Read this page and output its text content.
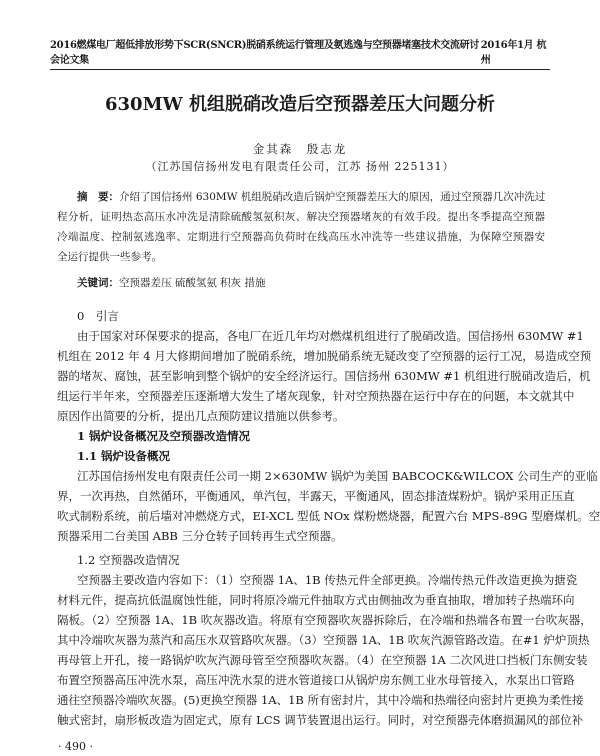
2016燃煤电厂超低排放形势下SCR(SNCR)脱硝系统运行管理及氨逃逸与空预器堵塞技术交流研讨会论文集
2016年1月 杭州
630MW 机组脱硝改造后空预器差压大问题分析
金其森　殷志龙
（江苏国信扬州发电有限责任公司，江苏 扬州 225131）
摘　要：介绍了国信扬州 630MW 机组脱硝改造后锅炉空预器差压大的原因，通过空预器几次冲洗过
程分析，证明热态高压水冲洗是清除硫酸氢氨积灰、解决空预器堵灰的有效手段。提出冬季提高空预器
冷端温度、控制氨逃逸率、定期进行空预器高负荷时在线高压水冲洗等一些建议措施，为保障空预器安
全运行提供一些参考。
关键词：空预器差压 硫酸氢氨 积灰 措施
0　引言
由于国家对环保要求的提高，各电厂在近几年均对燃煤机组进行了脱硝改造。国信扬州 630MW #1
机组在 2012 年 4 月大修期间增加了脱硝系统，增加脱硝系统无疑改变了空预器的运行工况，易造成空预
器的堵灰、腐蚀，甚至影响到整个锅炉的安全经济运行。国信扬州 630MW #1 机组进行脱硝改造后，机
组运行半年来，空预器差压逐渐增大发生了堵灰现象，针对空预热器在运行中存在的问题，本文就其中
原因作出简要的分析，提出几点预防建议措施以供参考。
1 锅炉设备概况及空预器改造情况
1.1 锅炉设备概况
江苏国信扬州发电有限责任公司一期 2×630MW 锅炉为美国 BABCOCK&WILCOX 公司生产的亚临
界，一次再热，自然循环，平衡通风，单汽包，半露天，平衡通风，固态排渣煤粉炉。锅炉采用正压直
吹式制粉系统，前后墙对冲燃烧方式，EI-XCL 型低 NOx 煤粉燃烧器，配置六台 MPS-89G 型磨煤机。空
预器采用二台美国 ABB 三分仓转子回转再生式空预器。
1.2 空预器改造情况
空预器主要改造内容如下：（1）空预器 1A、1B 传热元件全部更换。冷端传热元件改造更换为搪瓷
材料元件，提高抗低温腐蚀性能，同时将原冷端元件抽取方式由侧抽改为垂直抽取，增加转子热端环向
隔板。（2）空预器 1A、1B 吹灰器改造。将原有空预器吹灰器拆除后，在冷端和热端各布置一台吹灰器，
其中冷端吹灰器为蒸汽和高压水双管路吹灰器。（3）空预器 1A、1B 吹灰汽源管路改造。在#1 炉炉顶热
再母管上开孔，接一路锅炉吹灰汽源母管至空预器吹灰器。（4）在空预器 1A 二次风进口挡板门东侧安装
布置空预器高压冲洗水泵，高压冲洗水泵的进水管道接口从锅炉房东侧工业水母管接入，水泵出口管路
通往空预器冷端吹灰器。(5)更换空预器 1A、1B 所有密封片，其中冷端和热端径向密封片更换为柔性接
触式密封，扇形板改造为固定式，原有 LCS 调节装置退出运行。同时，对空预器壳体磨损漏风的部位补
· 490 ·
